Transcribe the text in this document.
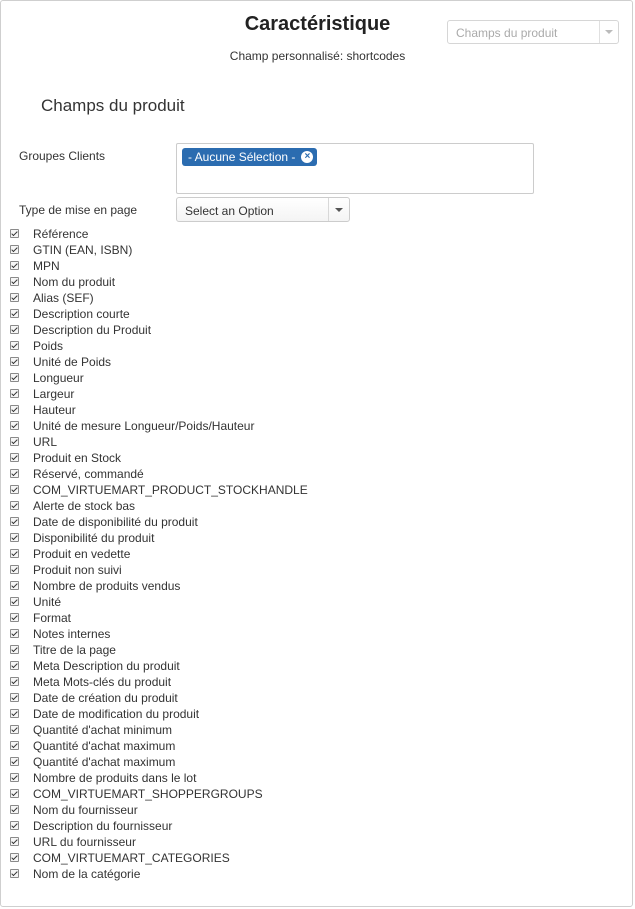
Caractéristique
Champ personnalisé: shortcodes
Champs du produit
Champs du produit
Groupes Clients	- Aucune Sélection - ×
Type de mise en page	Select an Option
Référence
GTIN (EAN, ISBN)
MPN
Nom du produit
Alias (SEF)
Description courte
Description du Produit
Poids
Unité de Poids
Longueur
Largeur
Hauteur
Unité de mesure Longueur/Poids/Hauteur
URL
Produit en Stock
Réservé, commandé
COM_VIRTUEMART_PRODUCT_STOCKHANDLE
Alerte de stock bas
Date de disponibilité du produit
Disponibilité du produit
Produit en vedette
Produit non suivi
Nombre de produits vendus
Unité
Format
Notes internes
Titre de la page
Meta Description du produit
Meta Mots-clés du produit
Date de création du produit
Date de modification du produit
Quantité d'achat minimum
Quantité d'achat maximum
Quantité d'achat maximum
Nombre de produits dans le lot
COM_VIRTUEMART_SHOPPERGROUPS
Nom du fournisseur
Description du fournisseur
URL du fournisseur
COM_VIRTUEMART_CATEGORIES
Nom de la catégorie
